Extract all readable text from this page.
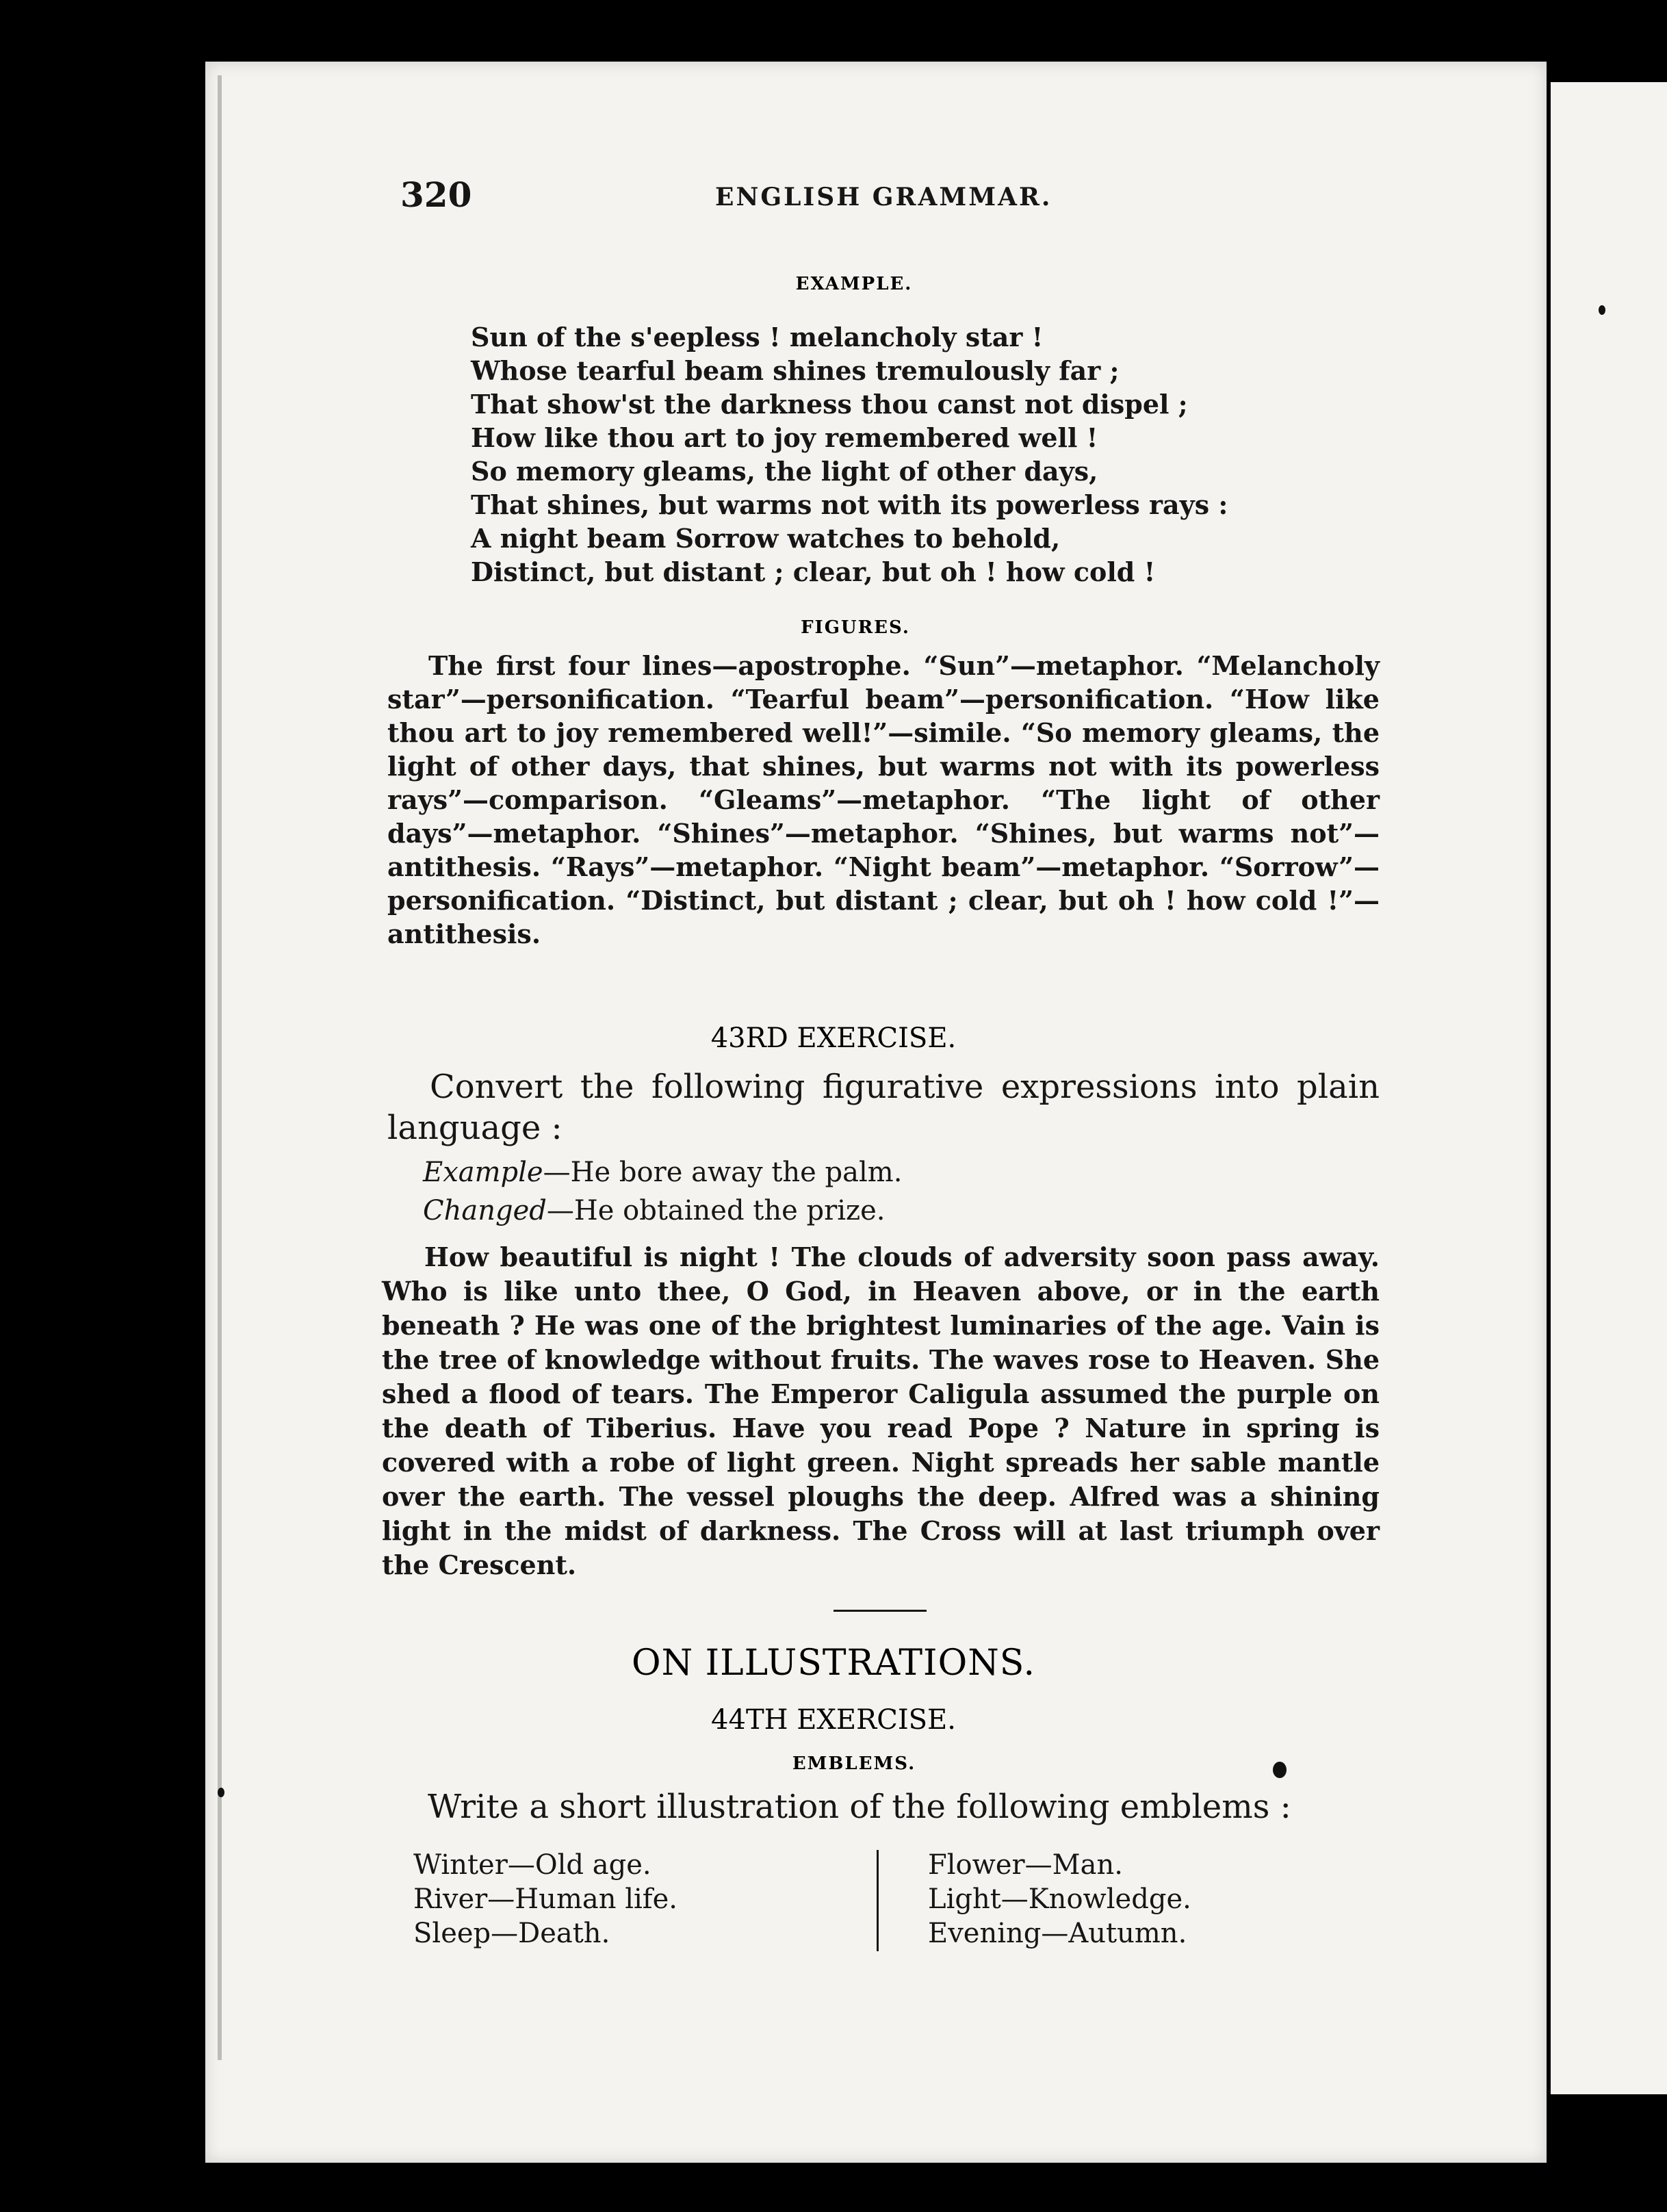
320	ENGLISH GRAMMAR.
EXAMPLE.
Sun of the s'eepless ! melancholy star !
Whose tearful beam shines tremulously far ;
That show'st the darkness thou canst not dispel ;
How like thou art to joy remembered well !
So memory gleams, the light of other days,
That shines, but warms not with its powerless rays :
A night beam Sorrow watches to behold,
Distinct, but distant ; clear, but oh ! how cold !
FIGURES.
The first four lines—apostrophe. “Sun”—metaphor. “Melancholy star”—personification. “Tearful beam”—personification. “How like thou art to joy remembered well!”—simile. “So memory gleams, the light of other days, that shines, but warms not with its powerless rays”—comparison. “Gleams”—metaphor. “The light of other days”—metaphor. “Shines”—metaphor. “Shines, but warms not”—antithesis. “Rays”—metaphor. “Night beam”—metaphor. “Sorrow”—personification. “Distinct, but distant ; clear, but oh ! how cold !”—antithesis.
43RD EXERCISE.
Convert the following figurative expressions into plain language :
Example—He bore away the palm.
Changed—He obtained the prize.
How beautiful is night ! The clouds of adversity soon pass away. Who is like unto thee, O God, in Heaven above, or in the earth beneath ? He was one of the brightest luminaries of the age. Vain is the tree of knowledge without fruits. The waves rose to Heaven. She shed a flood of tears. The Emperor Caligula assumed the purple on the death of Tiberius. Have you read Pope ? Nature in spring is covered with a robe of light green. Night spreads her sable mantle over the earth. The vessel ploughs the deep. Alfred was a shining light in the midst of darkness. The Cross will at last triumph over the Crescent.
ON ILLUSTRATIONS.
44TH EXERCISE.
EMBLEMS.
Write a short illustration of the following emblems :
Winter—Old age.
River—Human life.
Sleep—Death.
Flower—Man.
Light—Knowledge.
Evening—Autumn.
